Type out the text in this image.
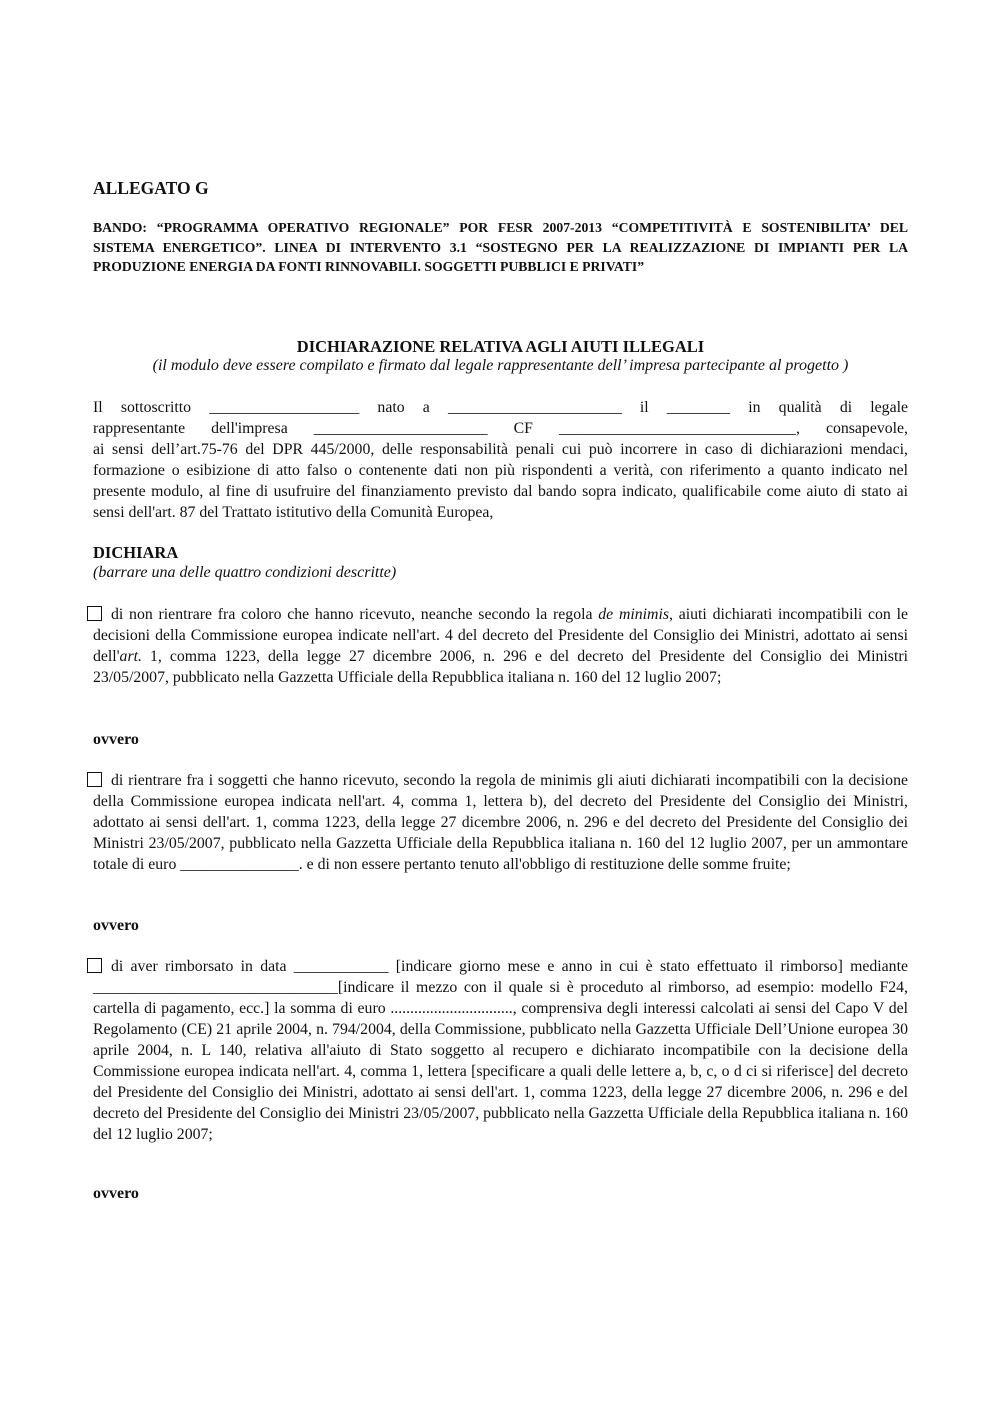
ALLEGATO G

BANDO: “PROGRAMMA OPERATIVO REGIONALE” POR FESR 2007-2013 “COMPETITIVITÀ E SOSTENIBILITA’ DEL SISTEMA ENERGETICO”. LINEA DI INTERVENTO 3.1 “SOSTEGNO PER LA REALIZZAZIONE DI IMPIANTI PER LA PRODUZIONE ENERGIA DA FONTI RINNOVABILI. SOGGETTI PUBBLICI E PRIVATI”

DICHIARAZIONE RELATIVA AGLI AIUTI ILLEGALI
(il modulo deve essere compilato e firmato dal legale rappresentante dell’ impresa partecipante al progetto )
Il sottoscritto ___________________ nato a ______________________ il ________ in qualità di legale
rappresentante dell'impresa ______________________ CF ______________________________, consapevole,
ai sensi dell’art.75-76 del DPR 445/2000, delle responsabilità penali cui può incorrere in caso di dichiarazioni mendaci, formazione o esibizione di atto falso o contenente dati non più rispondenti a verità, con riferimento a quanto indicato nel presente modulo, al fine di usufruire del finanziamento previsto dal bando sopra indicato, qualificabile come aiuto di stato ai sensi dell'art. 87 del Trattato istitutivo della Comunità Europea,
DICHIARA
(barrare una delle quattro condizioni descritte)

di non rientrare fra coloro che hanno ricevuto, neanche secondo la regola de minimis, aiuti dichiarati incompatibili con le decisioni della Commissione europea indicate nell'art. 4 del decreto del Presidente del Consiglio dei Ministri, adottato ai sensi dell'art. 1, comma 1223, della legge 27 dicembre 2006, n. 296 e del decreto del Presidente del Consiglio dei Ministri 23/05/2007, pubblicato nella Gazzetta Ufficiale della Repubblica italiana n. 160 del 12 luglio 2007;

ovvero

di rientrare fra i soggetti che hanno ricevuto, secondo la regola de minimis gli aiuti dichiarati incompatibili con la decisione della Commissione europea indicata nell'art. 4, comma 1, lettera b), del decreto del Presidente del Consiglio dei Ministri, adottato ai sensi dell'art. 1, comma 1223, della legge 27 dicembre 2006, n. 296 e del decreto del Presidente del Consiglio dei Ministri 23/05/2007, pubblicato nella Gazzetta Ufficiale della Repubblica italiana n. 160 del 12 luglio 2007, per un ammontare totale di euro _______________. e di non essere pertanto tenuto all'obbligo di restituzione delle somme fruite;

ovvero

di aver rimborsato in data ____________ [indicare giorno mese e anno in cui è stato effettuato il rimborso] mediante _______________________________[indicare il mezzo con il quale si è proceduto al rimborso, ad esempio: modello F24, cartella di pagamento, ecc.] la somma di euro ..............................., comprensiva degli interessi calcolati ai sensi del Capo V del Regolamento (CE) 21 aprile 2004, n. 794/2004, della Commissione, pubblicato nella Gazzetta Ufficiale Dell’Unione europea 30 aprile 2004, n. L 140, relativa all'aiuto di Stato soggetto al recupero e dichiarato incompatibile con la decisione della Commissione europea indicata nell'art. 4, comma 1, lettera [specificare a quali delle lettere a, b, c, o d ci si riferisce] del decreto del Presidente del Consiglio dei Ministri, adottato ai sensi dell'art. 1, comma 1223, della legge 27 dicembre 2006, n. 296 e del decreto del Presidente del Consiglio dei Ministri 23/05/2007, pubblicato nella Gazzetta Ufficiale della Repubblica italiana n. 160 del 12 luglio 2007;

ovvero
